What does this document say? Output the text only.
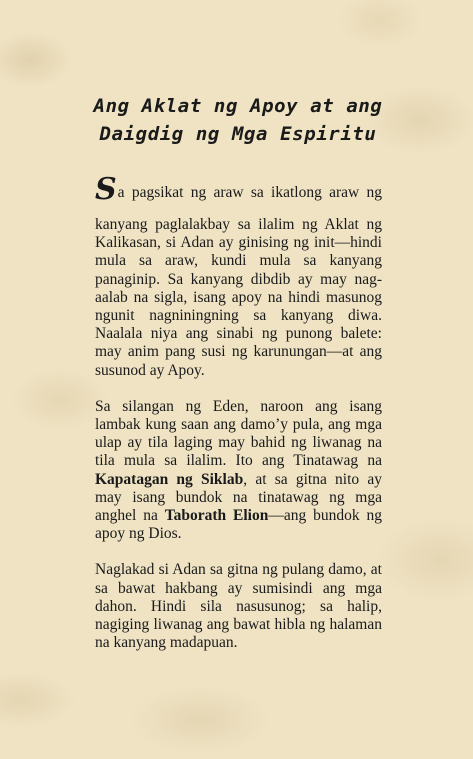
Ang Aklat ng Apoy at ang
Daigdig ng Mga Espiritu

Sa pagsikat ng araw sa ikatlong araw ng
kanyang paglalakbay sa ilalim ng Aklat ng Kalikasan, si Adan ay ginising ng init—hindi mula sa araw, kundi mula sa kanyang panaginip. Sa kanyang dibdib ay may nag-aalab na sigla, isang apoy na hindi masunog ngunit nagniningning sa kanyang diwa. Naalala niya ang sinabi ng punong balete: may anim pang susi ng karunungan—at ang susunod ay Apoy.

Sa silangan ng Eden, naroon ang isang lambak kung saan ang damo’y pula, ang mga ulap ay tila laging may bahid ng liwanag na tila mula sa ilalim. Ito ang Tinatawag na Kapatagan ng Siklab, at sa gitna nito ay may isang bundok na tinatawag ng mga anghel na Taborath Elion—ang bundok ng apoy ng Dios.

Naglakad si Adan sa gitna ng pulang damo, at sa bawat hakbang ay sumisindi ang mga dahon. Hindi sila nasusunog; sa halip, nagiging liwanag ang bawat hibla ng halaman na kanyang madapuan.
